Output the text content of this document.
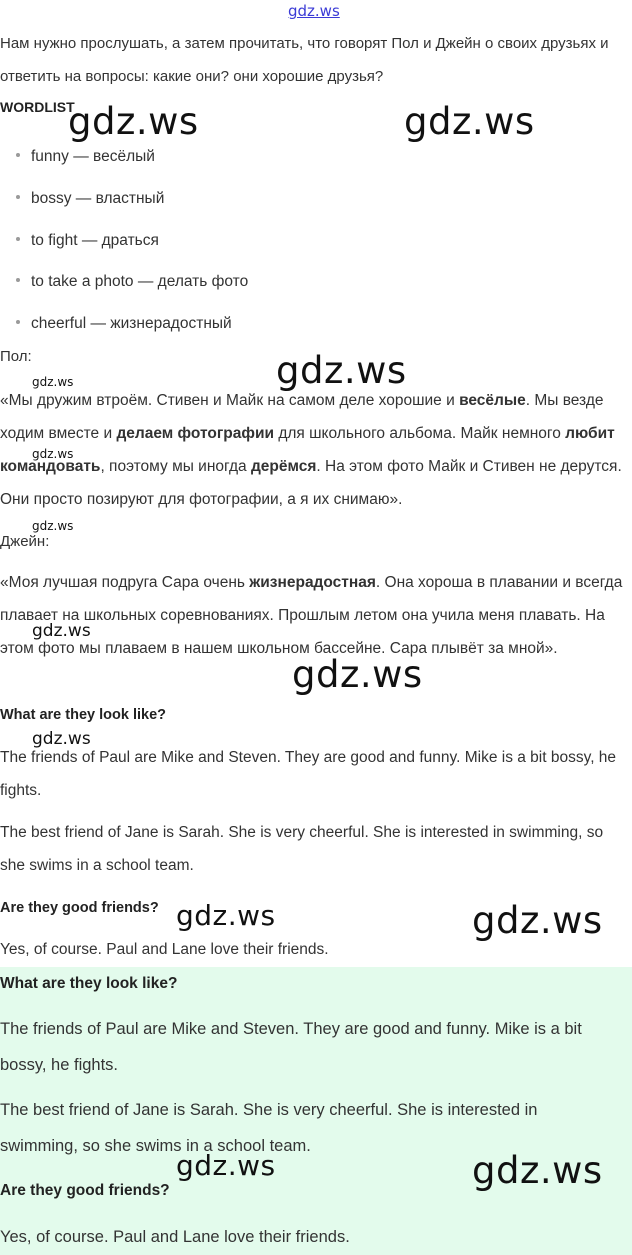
gdz.ws
Нам нужно прослушать, а затем прочитать, что говорят Пол и Джейн о своих друзьях и ответить на вопросы: какие они? они хорошие друзья?
WORDLIST
funny — весёлый
bossy — властный
to fight — драться
to take a photo — делать фото
cheerful — жизнерадостный
Пол:
«Мы дружим втроём. Стивен и Майк на самом деле хорошие и весёлые. Мы везде ходим вместе и делаем фотографии для школьного альбома. Майк немного любит командовать, поэтому мы иногда дерёмся. На этом фото Майк и Стивен не дерутся. Они просто позируют для фотографии, а я их снимаю».
Джейн:
«Моя лучшая подруга Сара очень жизнерадостная. Она хороша в плавании и всегда плавает на школьных соревнованиях. Прошлым летом она учила меня плавать. На этом фото мы плаваем в нашем школьном бассейне. Сара плывёт за мной».
What are they look like?
The friends of Paul are Mike and Steven. They are good and funny. Mike is a bit bossy, he fights.
The best friend of Jane is Sarah. She is very cheerful. She is interested in swimming, so she swims in a school team.
Are they good friends?
Yes, of course. Paul and Lane love their friends.
What are they look like?
The friends of Paul are Mike and Steven. They are good and funny. Mike is a bit bossy, he fights.
The best friend of Jane is Sarah. She is very cheerful. She is interested in swimming, so she swims in a school team.
Are they good friends?
Yes, of course. Paul and Lane love their friends.
gdz.ws	gdz.ws
gdz.ws
gdz.ws
gdz.ws
gdz.ws
gdz.ws
gdz.ws
gdz.ws
gdz.ws	gdz.ws
gdz.ws	gdz.ws
